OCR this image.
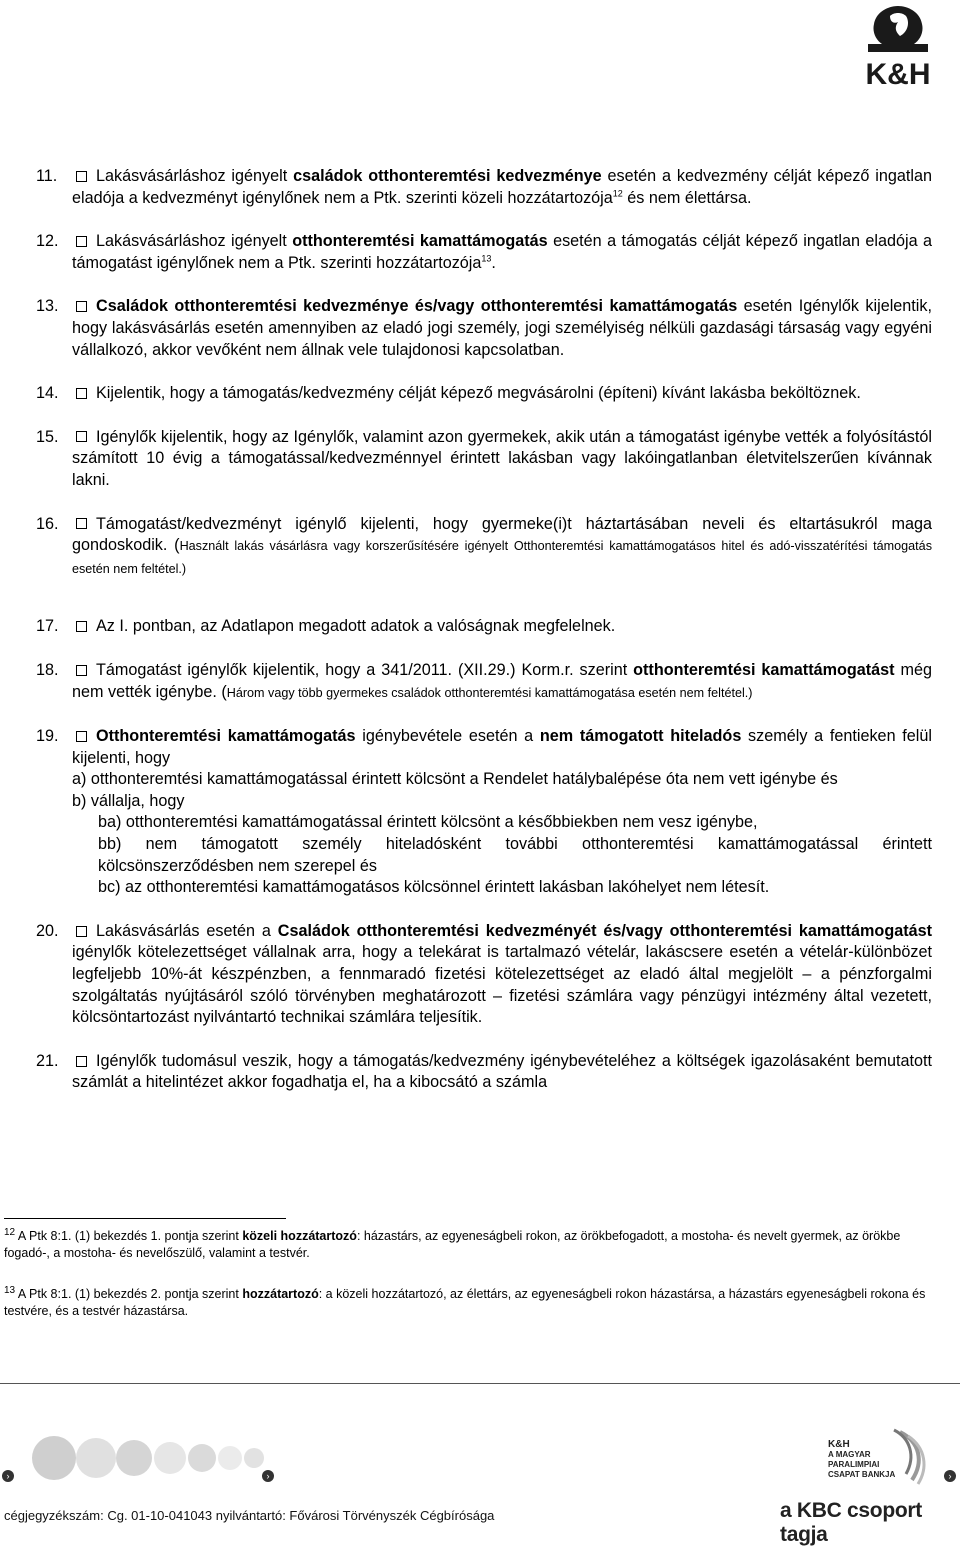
K&H
11. Lakásvásárláshoz igényelt családok otthonteremtési kedvezménye esetén a kedvezmény célját képező ingatlan eladója a kedvezményt igénylőnek nem a Ptk. szerinti közeli hozzátartozója$^{12}$ és nem élettársa.
12. Lakásvásárláshoz igényelt otthonteremtési kamattámogatás esetén a támogatás célját képező ingatlan eladója a támogatást igénylőnek nem a Ptk. szerinti hozzátartozója$^{13}$.
13. Családok otthonteremtési kedvezménye és/vagy otthonteremtési kamattámogatás esetén Igénylők kijelentik, hogy lakásvásárlás esetén amennyiben az eladó jogi személy, jogi személyiség nélküli gazdasági társaság vagy egyéni vállalkozó, akkor vevőként nem állnak vele tulajdonosi kapcsolatban.
14. Kijelentik, hogy a támogatás/kedvezmény célját képező megvásárolni (építeni) kívánt lakásba beköltöznek.
15. Igénylők kijelentik, hogy az Igénylők, valamint azon gyermekek, akik után a támogatást igénybe vették a folyósítástól számított 10 évig a támogatással/kedvezménnyel érintett lakásban vagy lakóingatlanban életvitelszerűen kívánnak lakni.
16. Támogatást/kedvezményt igénylő kijelenti, hogy gyermeke(i)t háztartásában neveli és eltartásukról maga gondoskodik. (Használt lakás vásárlásra vagy korszerűsítésére igényelt Otthonteremtési kamattámogatásos hitel és adó-visszatérítési támogatás esetén nem feltétel.)
17. Az I. pontban, az Adatlapon megadott adatok a valóságnak megfelelnek.
18. Támogatást igénylők kijelentik, hogy a 341/2011. (XII.29.) Korm.r. szerint otthonteremtési kamattámogatást még nem vették igénybe. (Három vagy több gyermekes családok otthonteremtési kamattámogatása esetén nem feltétel.)
19. Otthonteremtési kamattámogatás igénybevétele esetén a nem támogatott hiteladós személy a fentieken felül kijelenti, hogy
a) otthonteremtési kamattámogatással érintett kölcsönt a Rendelet hatálybalépése óta nem vett igénybe és
b) vállalja, hogy
ba) otthonteremtési kamattámogatással érintett kölcsönt a későbbiekben nem vesz igénybe,
bb) nem támogatott személy hiteladósként további otthonteremtési kamattámogatással érintett kölcsönszerződésben nem szerepel és
bc) az otthonteremtési kamattámogatásos kölcsönnel érintett lakásban lakóhelyet nem létesít.
20. Lakásvásárlás esetén a Családok otthonteremtési kedvezményét és/vagy otthonteremtési kamattámogatást igénylők kötelezettséget vállalnak arra, hogy a telekárat is tartalmazó vételár, lakáscsere esetén a vételár-különbözet legfeljebb 10%-át készpénzben, a fennmaradó fizetési kötelezettséget az eladó által megjelölt – a pénzforgalmi szolgáltatás nyújtásáról szóló törvényben meghatározott – fizetési számlára vagy pénzügyi intézmény által vezetett, kölcsöntartozást nyilvántartó technikai számlára teljesítik.
21. Igénylők tudomásul veszik, hogy a támogatás/kedvezmény igénybevételéhez a költségek igazolásaként bemutatott számlát a hitelintézet akkor fogadhatja el, ha a kibocsátó a számla
$^{12}$ A Ptk 8:1. (1) bekezdés 1. pontja szerint közeli hozzátartozó: házastárs, az egyeneságbeli rokon, az örökbefogadott, a mostoha- és nevelt gyermek, az örökbe fogadó-, a mostoha- és nevelőszülő, valamint a testvér.
$^{13}$ A Ptk 8:1. (1) bekezdés 2. pontja szerint hozzátartozó: a közeli hozzátartozó, az élettárs, az egyeneságbeli rokon házastársa, a házastárs egyeneságbeli rokona és testvére, és a testvér házastársa.
›	›	›
K&H
A MAGYAR
PARALIMPIAI
CSAPAT BANKJA
a KBC csoport tagja
cégjegyzékszám: Cg. 01-10-041043 nyilvántartó: Fővárosi Törvényszék Cégbírósága
